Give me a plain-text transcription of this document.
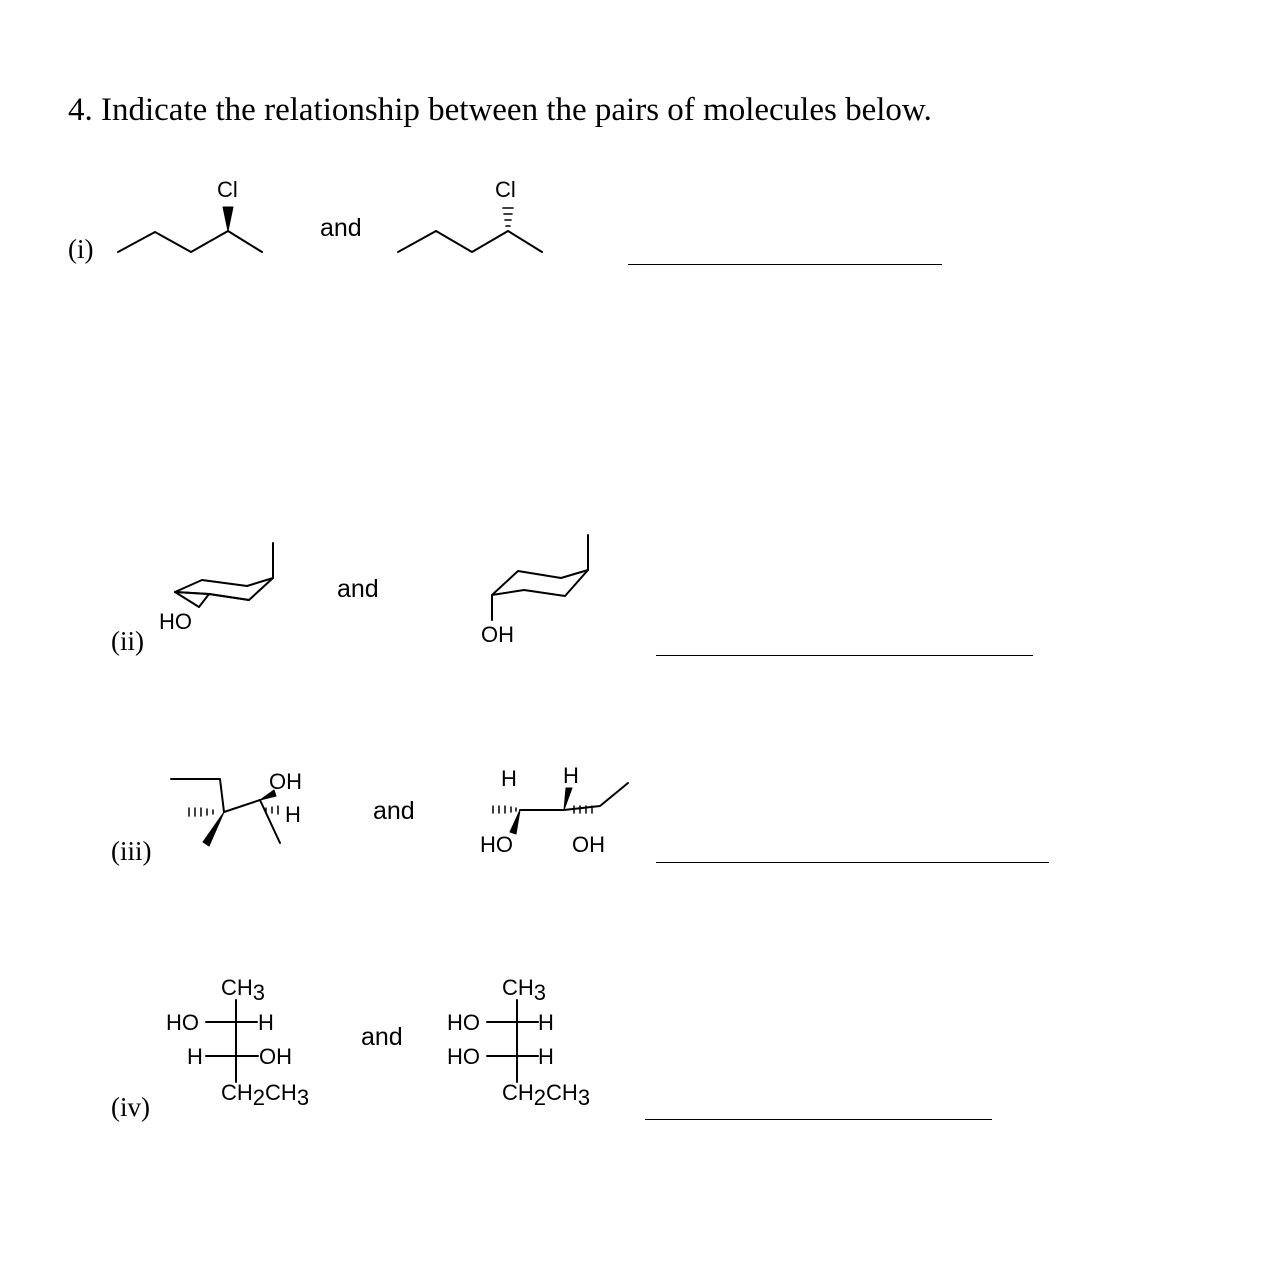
4. Indicate the relationship between the pairs of molecules below.
(i)
(ii)
(iii)
(iv)
and
and
and
and
Cl	Cl
HO
OH
OH
H
H H
HO	OH
CH3
HO	H
H	OH
CH2CH3
CH3
HO	H
HO	H
CH2CH3
